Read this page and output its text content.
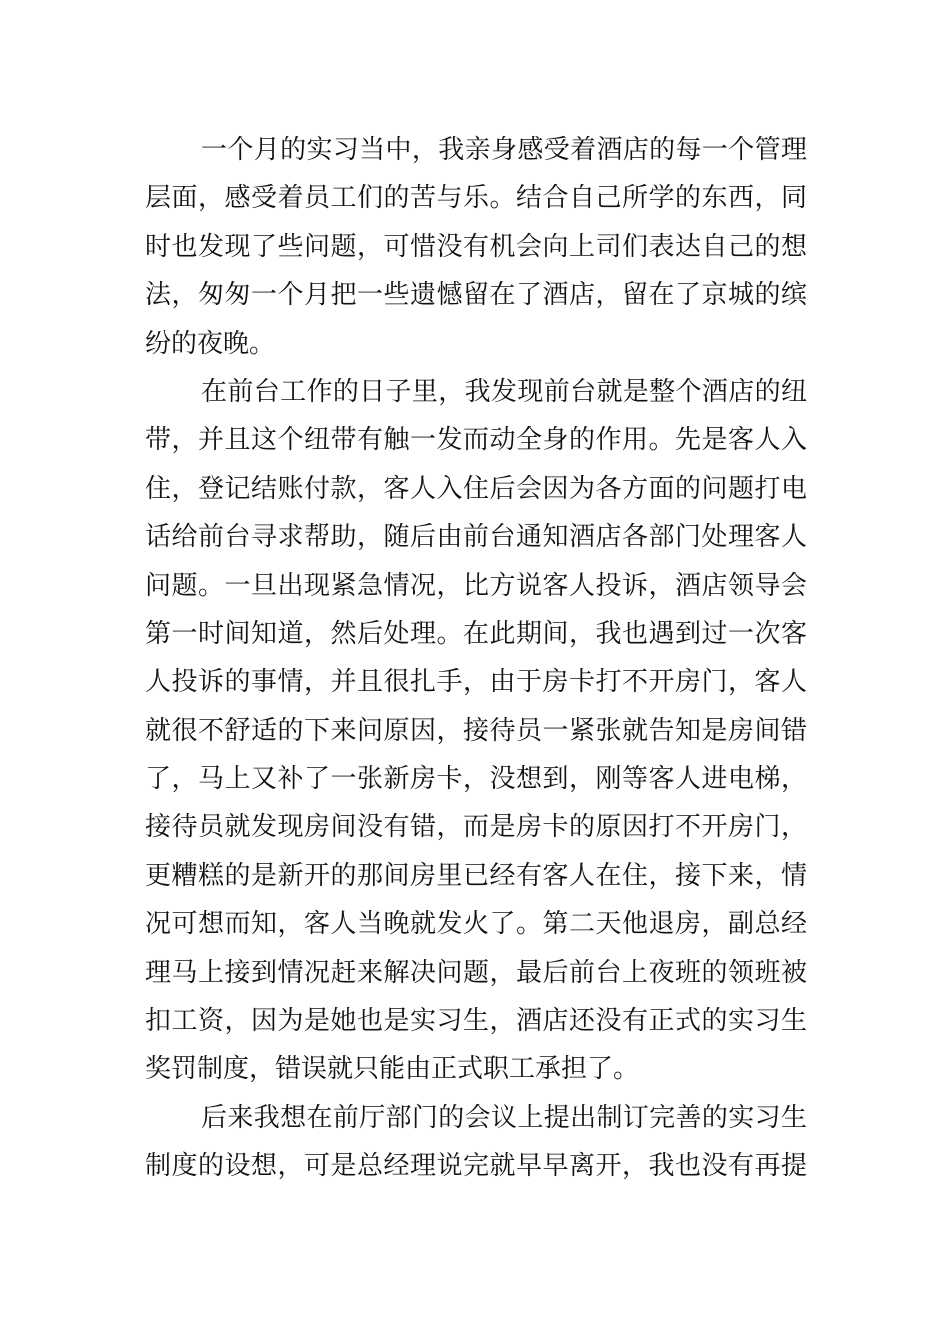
一个月的实习当中，我亲身感受着酒店的每一个管理
层面，感受着员工们的苦与乐。结合自己所学的东西，同
时也发现了些问题，可惜没有机会向上司们表达自己的想
法，匆匆一个月把一些遗憾留在了酒店，留在了京城的缤
纷的夜晚。
在前台工作的日子里，我发现前台就是整个酒店的纽
带，并且这个纽带有触一发而动全身的作用。先是客人入
住，登记结账付款，客人入住后会因为各方面的问题打电
话给前台寻求帮助，随后由前台通知酒店各部门处理客人
问题。一旦出现紧急情况，比方说客人投诉，酒店领导会
第一时间知道，然后处理。在此期间，我也遇到过一次客
人投诉的事情，并且很扎手，由于房卡打不开房门，客人
就很不舒适的下来问原因，接待员一紧张就告知是房间错
了，马上又补了一张新房卡，没想到，刚等客人进电梯，
接待员就发现房间没有错，而是房卡的原因打不开房门，
更糟糕的是新开的那间房里已经有客人在住，接下来，情
况可想而知，客人当晚就发火了。第二天他退房，副总经
理马上接到情况赶来解决问题，最后前台上夜班的领班被
扣工资，因为是她也是实习生，酒店还没有正式的实习生
奖罚制度，错误就只能由正式职工承担了。
后来我想在前厅部门的会议上提出制订完善的实习生
制度的设想，可是总经理说完就早早离开，我也没有再提
